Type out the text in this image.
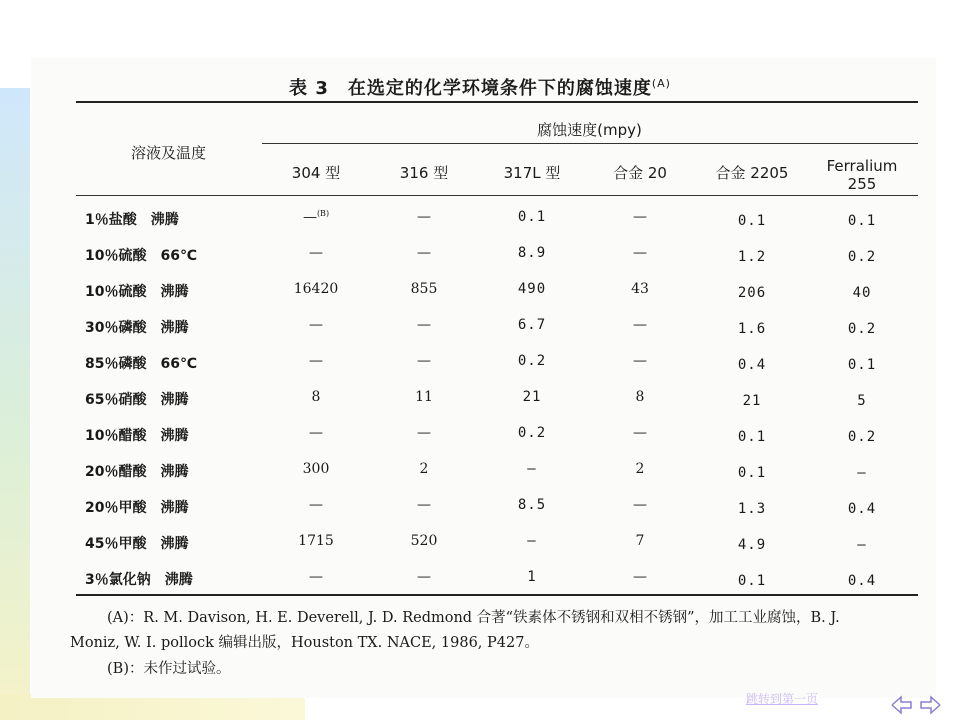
表 3　在选定的化学环境条件下的腐蚀速度$^{(A)}$
溶液及温度
腐蚀速度(mpy)
304 型	316 型	317L 型	合金 20	合金 2205	Ferralium 255
1％盐酸　沸腾	—$^{(B)}$	—	0.1	—	0.1	0.1
10％硫酸　66℃	—	—	8.9	—	1.2	0.2
10％硫酸　沸腾	16420	855	490	43	206	40
30％磷酸　沸腾	—	—	6.7	—	1.6	0.2
85％磷酸　66℃	—	—	0.2	—	0.4	0.1
65％硝酸　沸腾	8	11	21	8	21	5
10％醋酸　沸腾	—	—	0.2	—	0.1	0.2
20％醋酸　沸腾	300	2	—	2	0.1	—
20％甲酸　沸腾	—	—	8.5	—	1.3	0.4
45％甲酸　沸腾	1715	520	—	7	4.9	—
3％氯化钠　沸腾	—	—	1	—	0.1	0.4
(A)：R. M. Davison, H. E. Deverell, J. D. Redmond 合著“铁素体不锈钢和双相不锈钢”，加工工业腐蚀，B. J.
Moniz, W. I. pollock 编辑出版，Houston TX. NACE, 1986, P427。
(B)：未作过试验。
跳转到第一页
